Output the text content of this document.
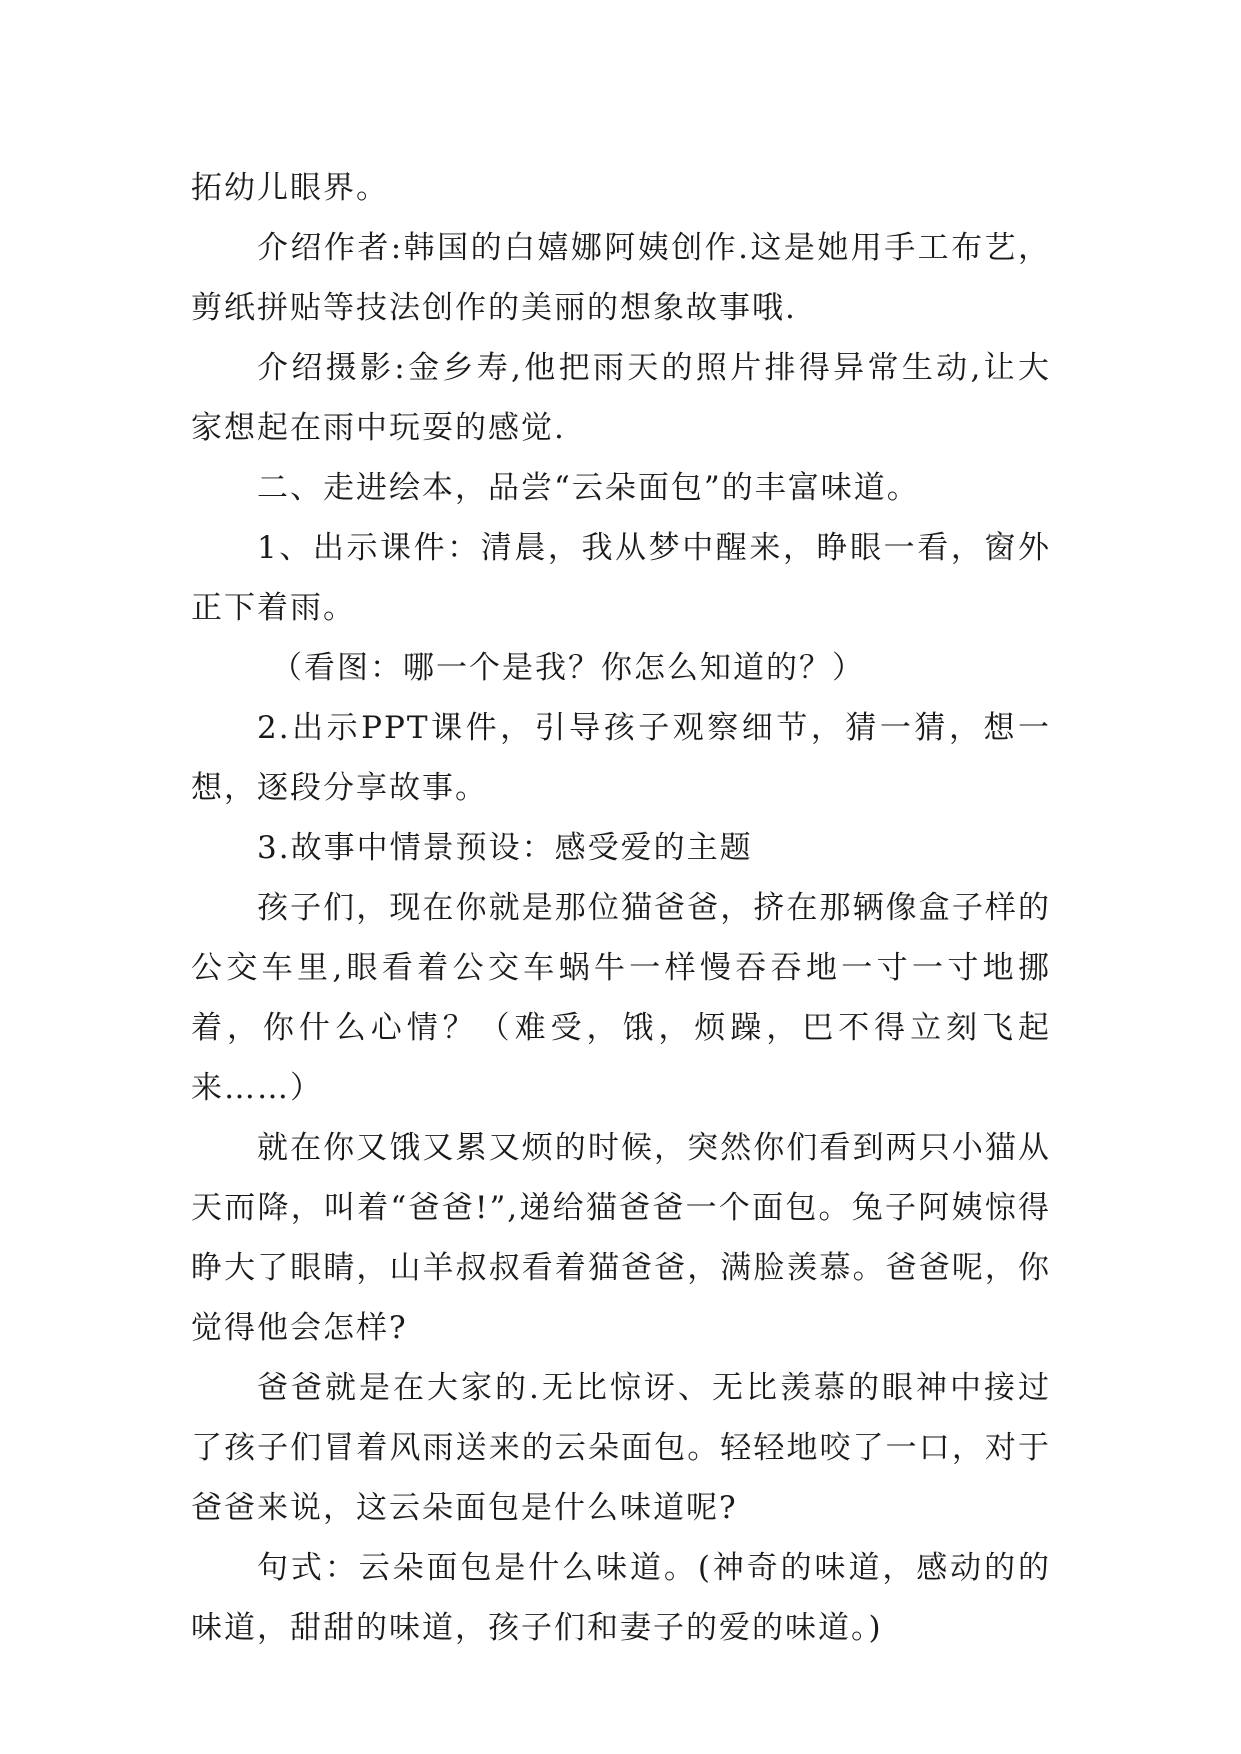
拓幼儿眼界。

介绍作者:韩国的白嬉娜阿姨创作.这是她用手工布艺，剪纸拼贴等技法创作的美丽的想象故事哦.

介绍摄影:金乡寿,他把雨天的照片排得异常生动,让大家想起在雨中玩耍的感觉.

二、走进绘本，品尝“云朵面包”的丰富味道。

1、出示课件：清晨，我从梦中醒来，睁眼一看，窗外正下着雨。

（看图：哪一个是我？你怎么知道的？）

2.出示PPT课件，引导孩子观察细节，猜一猜，想一想，逐段分享故事。

3.故事中情景预设：感受爱的主题

孩子们，现在你就是那位猫爸爸，挤在那辆像盒子样的公交车里,眼看着公交车蜗牛一样慢吞吞地一寸一寸地挪着，你什么心情？（难受，饿，烦躁，巴不得立刻飞起来……）

就在你又饿又累又烦的时候，突然你们看到两只小猫从天而降，叫着“爸爸!”,递给猫爸爸一个面包。兔子阿姨惊得睁大了眼睛，山羊叔叔看着猫爸爸，满脸羡慕。爸爸呢，你觉得他会怎样?

爸爸就是在大家的.无比惊讶、无比羡慕的眼神中接过了孩子们冒着风雨送来的云朵面包。轻轻地咬了一口，对于爸爸来说，这云朵面包是什么味道呢?

句式：云朵面包是什么味道。(神奇的味道，感动的的味道，甜甜的味道，孩子们和妻子的爱的味道。)
